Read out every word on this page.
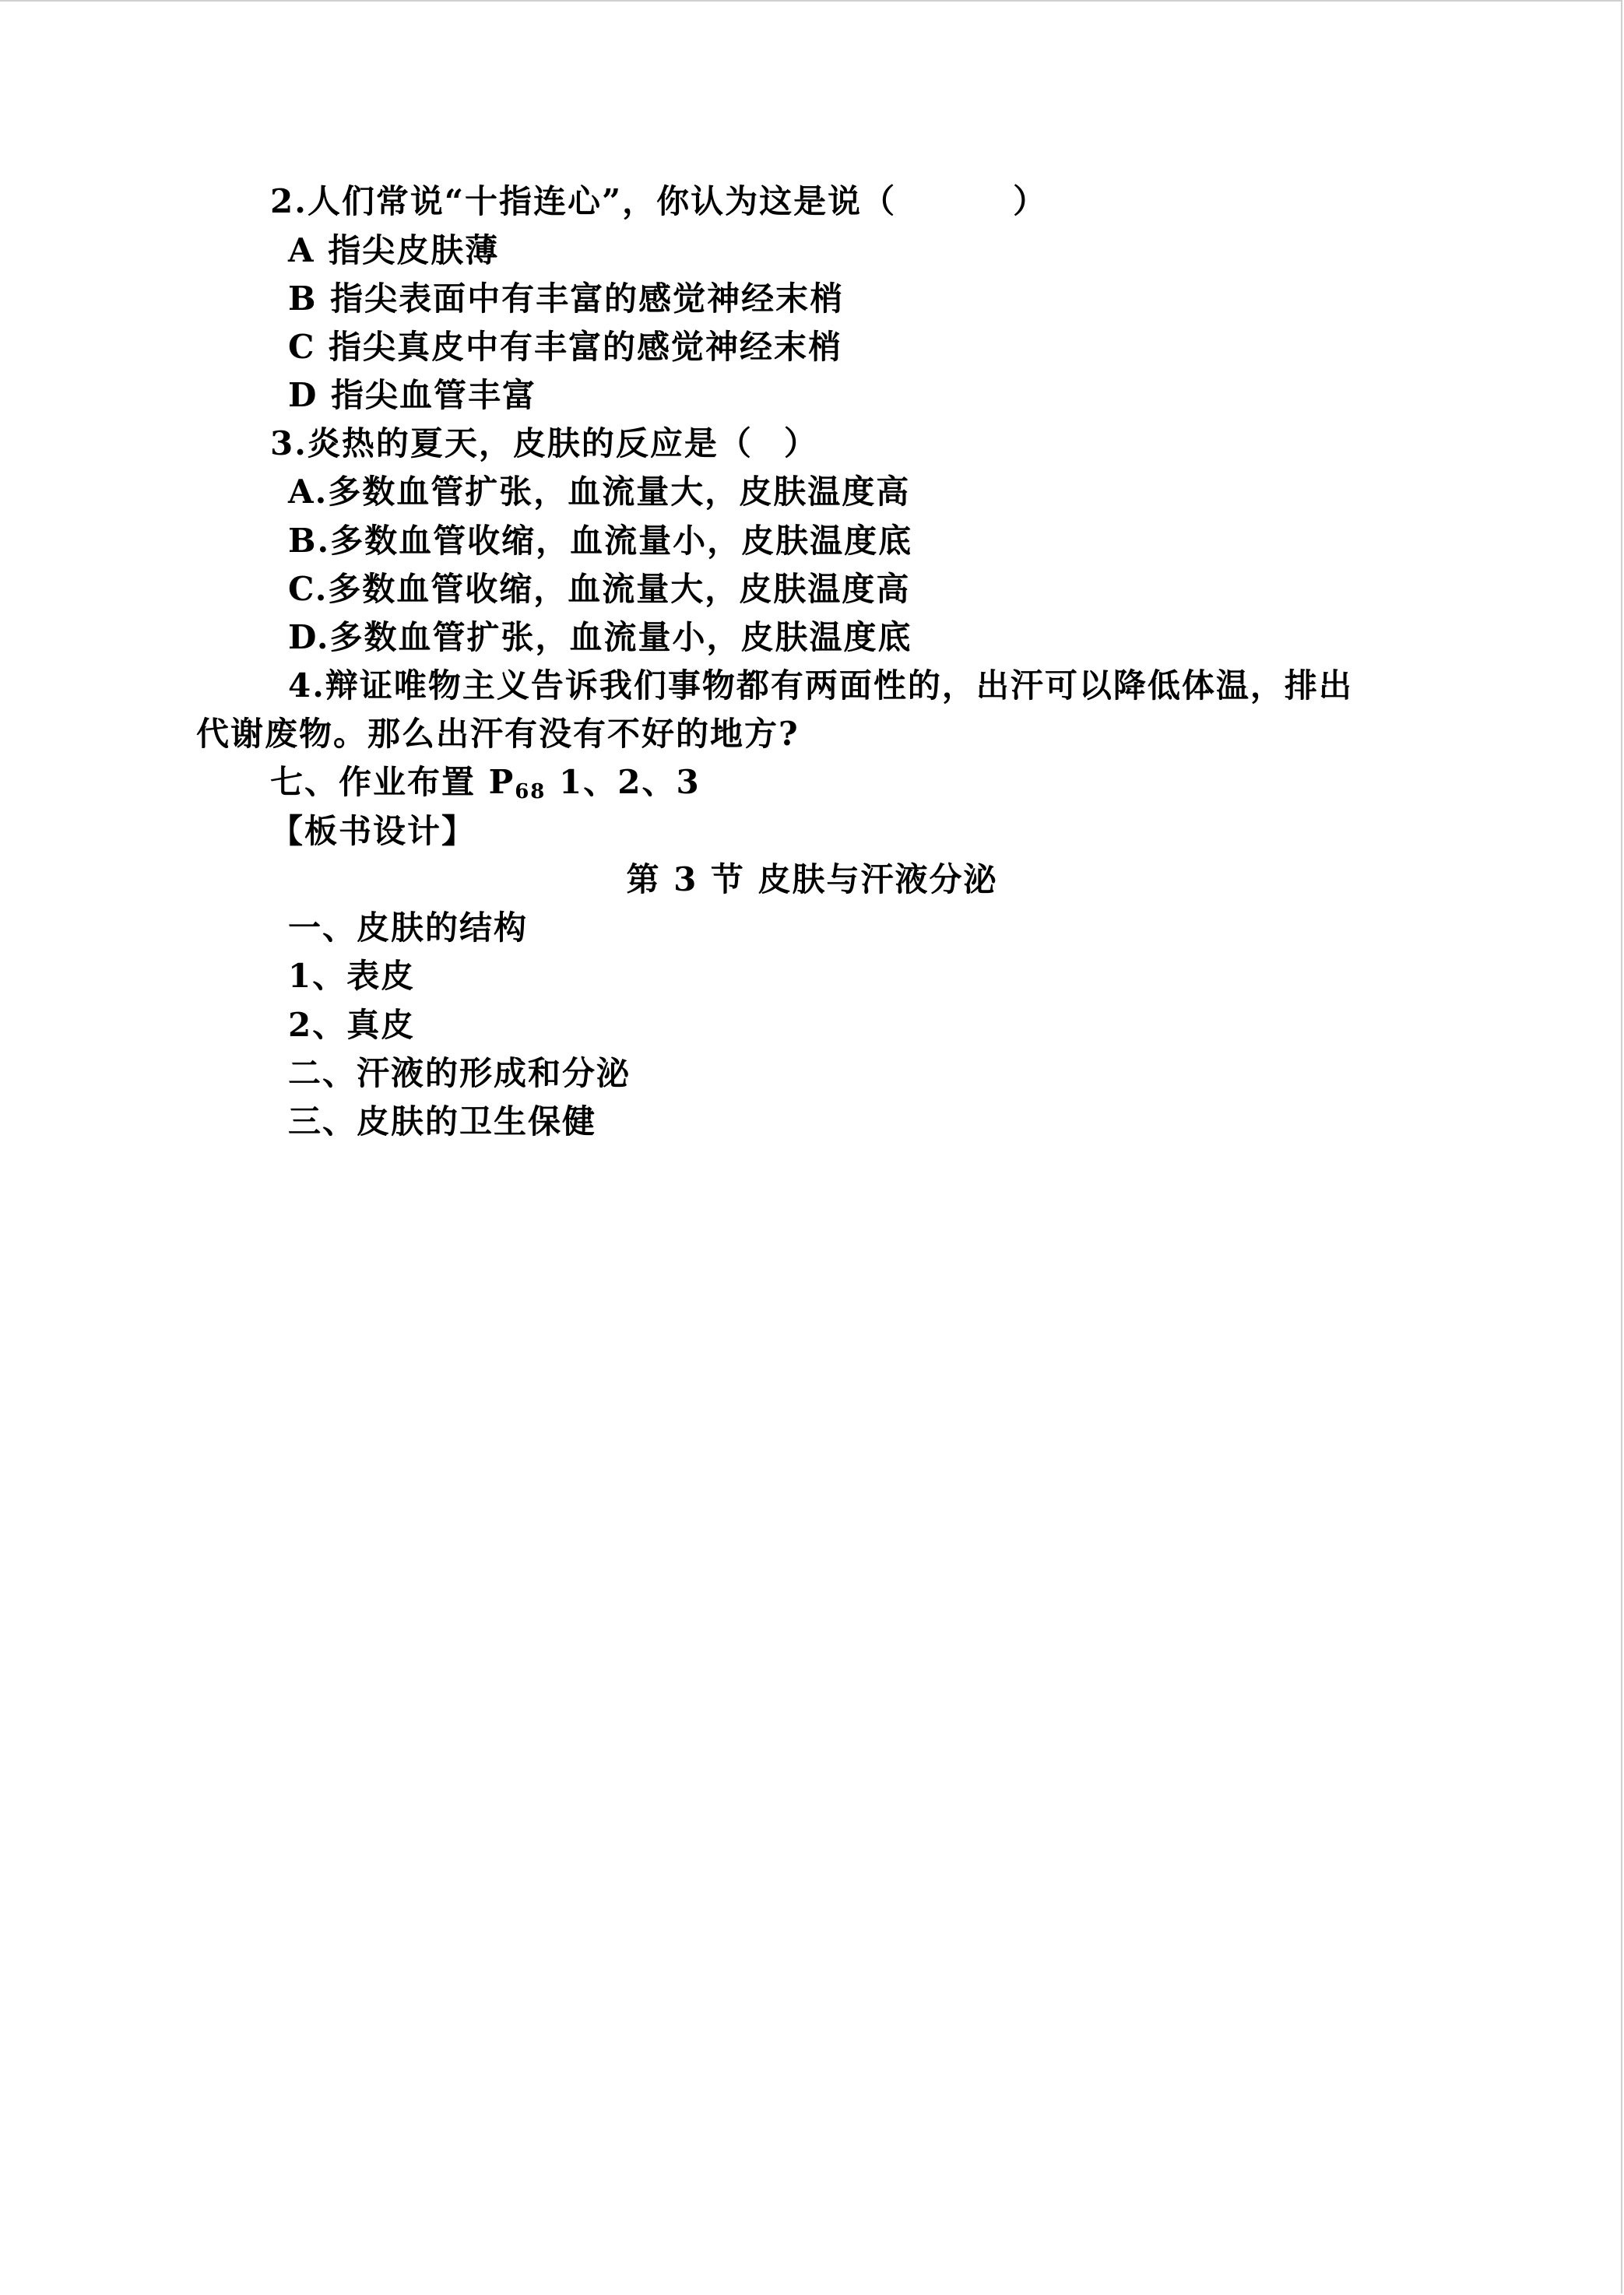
2.人们常说“十指连心”，你认为这是说（	）
A 指尖皮肤薄
B 指尖表面中有丰富的感觉神经末梢
C 指尖真皮中有丰富的感觉神经末梢
D 指尖血管丰富
3.炎热的夏天，皮肤的反应是（ ）
A.多数血管扩张，血流量大，皮肤温度高
B.多数血管收缩，血流量小，皮肤温度底
C.多数血管收缩，血流量大，皮肤温度高
D.多数血管扩张，血流量小，皮肤温度底
4.辩证唯物主义告诉我们事物都有两面性的，出汗可以降低体温，排出
代谢废物。那么出汗有没有不好的地方?
七、作业布置 $P_{68}$ 1、2、3
【板书设计】
第 3 节 皮肤与汗液分泌
一、皮肤的结构
1、表皮
2、真皮
二、汗液的形成和分泌
三、皮肤的卫生保健
